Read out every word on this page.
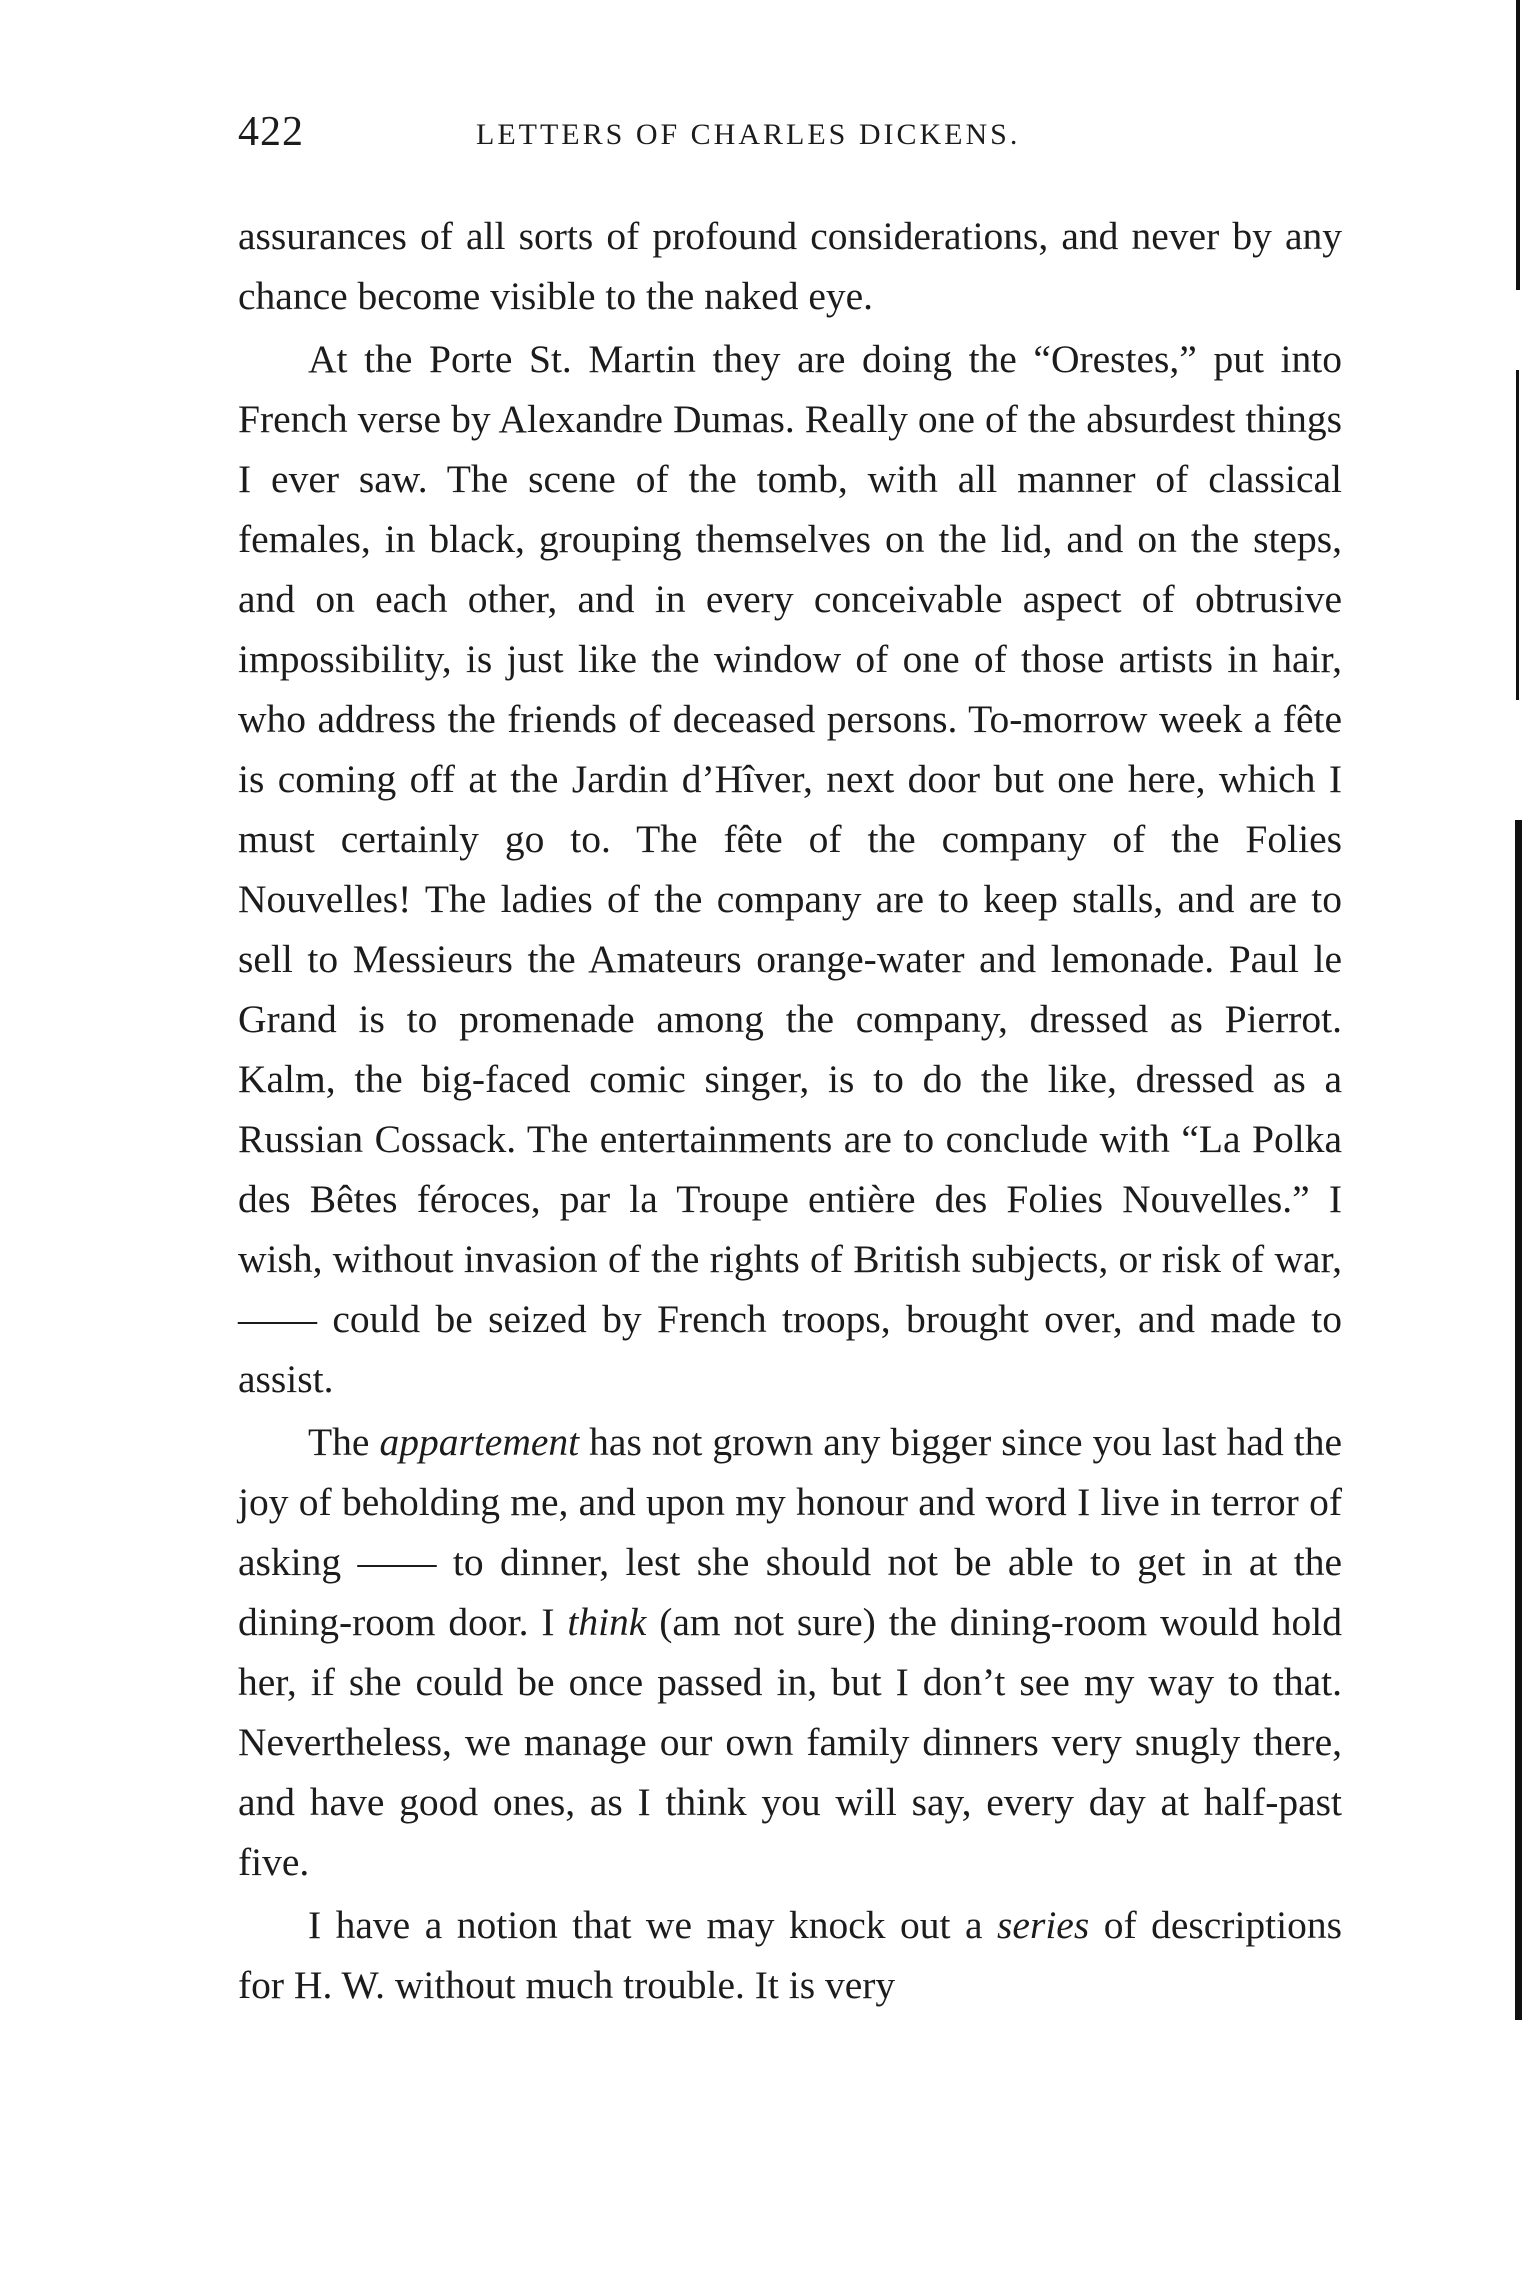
422	LETTERS OF CHARLES DICKENS.

assurances of all sorts of profound considerations, and never by any chance become visible to the naked eye.

At the Porte St. Martin they are doing the “Orestes,” put into French verse by Alexandre Dumas. Really one of the absurdest things I ever saw. The scene of the tomb, with all manner of classical females, in black, grouping themselves on the lid, and on the steps, and on each other, and in every conceivable aspect of obtrusive impossibility, is just like the window of one of those artists in hair, who address the friends of deceased persons. To-morrow week a fête is coming off at the Jardin d’Hîver, next door but one here, which I must certainly go to. The fête of the company of the Folies Nouvelles! The ladies of the company are to keep stalls, and are to sell to Messieurs the Amateurs orange-water and lemonade. Paul le Grand is to promenade among the company, dressed as Pierrot. Kalm, the big-faced comic singer, is to do the like, dressed as a Russian Cossack. The entertainments are to conclude with “La Polka des Bêtes féroces, par la Troupe entière des Folies Nouvelles.” I wish, without invasion of the rights of British subjects, or risk of war, —— could be seized by French troops, brought over, and made to assist.

The appartement has not grown any bigger since you last had the joy of beholding me, and upon my honour and word I live in terror of asking —— to dinner, lest she should not be able to get in at the dining-room door. I think (am not sure) the dining-room would hold her, if she could be once passed in, but I don’t see my way to that. Nevertheless, we manage our own family dinners very snugly there, and have good ones, as I think you will say, every day at half-past five.

I have a notion that we may knock out a series of descriptions for H. W. without much trouble. It is very
